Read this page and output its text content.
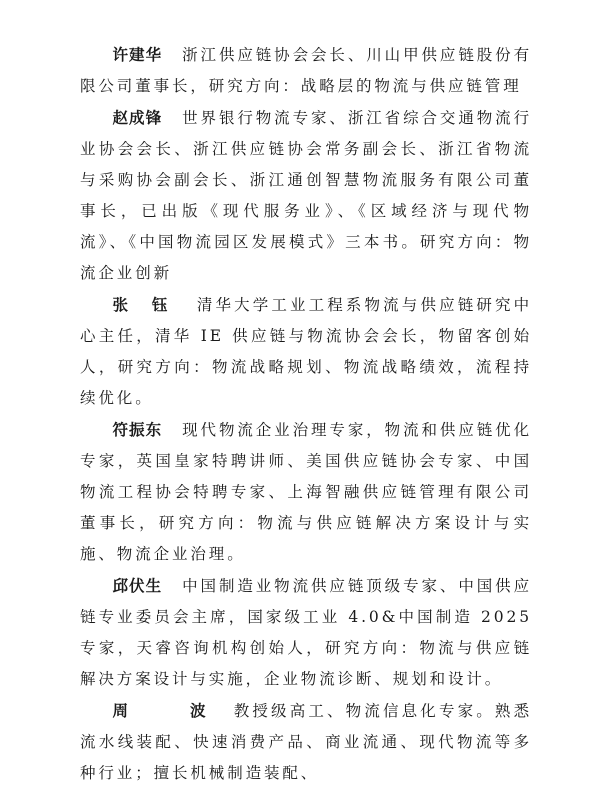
许建华 浙江供应链协会会长、川山甲供应链股份有限公司董事长，研究方向：战略层的物流与供应链管理

赵成锋 世界银行物流专家、浙江省综合交通物流行业协会会长、浙江供应链协会常务副会长、浙江省物流与采购协会副会长、浙江通创智慧物流服务有限公司董事长，已出版《现代服务业》、《区域经济与现代物流》、《中国物流园区发展模式》三本书。研究方向：物流企业创新

张 钰 清华大学工业工程系物流与供应链研究中心主任，清华 IE 供应链与物流协会会长，物留客创始人，研究方向：物流战略规划、物流战略绩效，流程持续优化。

符振东 现代物流企业治理专家，物流和供应链优化专家，英国皇家特聘讲师、美国供应链协会专家、中国物流工程协会特聘专家、上海智融供应链管理有限公司董事长，研究方向：物流与供应链解决方案设计与实施、物流企业治理。

邱伏生 中国制造业物流供应链顶级专家、中国供应链专业委员会主席，国家级工业 4.0&中国制造 2025 专家，天睿咨询机构创始人，研究方向：物流与供应链解决方案设计与实施，企业物流诊断、规划和设计。

周 波教授级高工、物流信息化专家。熟悉流水线装配、快速消费产品、商业流通、现代物流等多种行业；擅长机械制造装配、
